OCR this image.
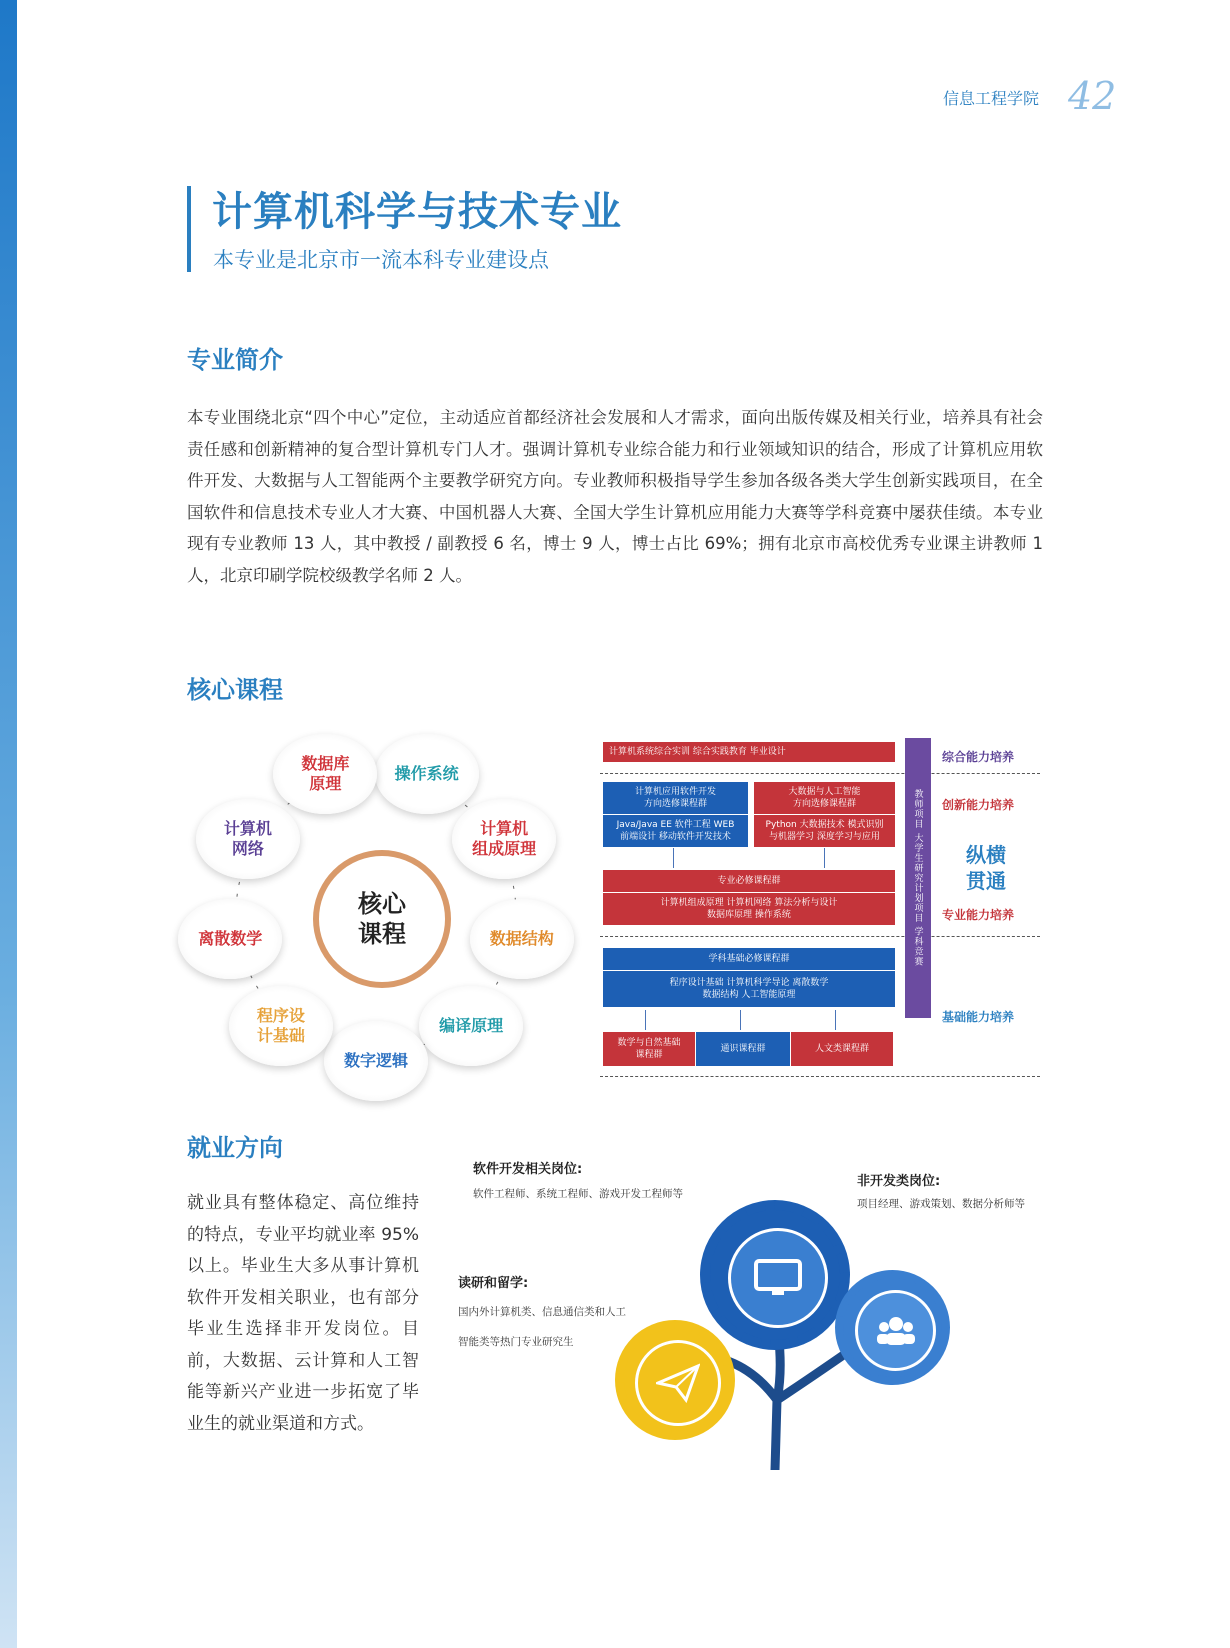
信息工程学院 42
计算机科学与技术专业
本专业是北京市一流本科专业建设点
专业简介
本专业围绕北京“四个中心”定位，主动适应首都经济社会发展和人才需求，面向出版传媒及相关行业，培养具有社会责任感和创新精神的复合型计算机专门人才。强调计算机专业综合能力和行业领域知识的结合，形成了计算机应用软件开发、大数据与人工智能两个主要教学研究方向。专业教师积极指导学生参加各级各类大学生创新实践项目，在全国软件和信息技术专业人才大赛、中国机器人大赛、全国大学生计算机应用能力大赛等学科竞赛中屡获佳绩。本专业现有专业教师 13 人，其中教授 / 副教授 6 名，博士 9 人，博士占比 69%；拥有北京市高校优秀专业课主讲教师 1 人，北京印刷学院校级教学名师 2 人。
核心课程
核心
课程
操作系统
计算机
组成原理
数据结构
编译原理
数字逻辑
程序设
计基础
离散数学
计算机
网络
数据库
原理
计算机系统综合实训 综合实践教育 毕业设计
计算机应用软件开发
方向选修课程群
Java/Java EE 软件工程 WEB
前端设计 移动软件开发技术
大数据与人工智能
方向选修课程群
Python 大数据技术 模式识别
与机器学习 深度学习与应用
专业必修课程群
计算机组成原理 计算机网络 算法分析与设计
数据库原理 操作系统
学科基础必修课程群
程序设计基础 计算机科学导论 离散数学
数据结构 人工智能原理
数学与自然基础
课程群
通识课程群	人文类课程群
教师项目 大学生研究计划项目 学科竞赛
综合能力培养
创新能力培养
纵横
贯通
专业能力培养
基础能力培养
就业方向
就业具有整体稳定、高位维持的特点，专业平均就业率 95% 以上。毕业生大多从事计算机软件开发相关职业，也有部分毕业生选择非开发岗位。目前，大数据、云计算和人工智能等新兴产业进一步拓宽了毕业生的就业渠道和方式。
软件开发相关岗位:
软件工程师、系统工程师、游戏开发工程师等
非开发类岗位:
项目经理、游戏策划、数据分析师等
读研和留学:
国内外计算机类、信息通信类和人工
智能类等热门专业研究生
